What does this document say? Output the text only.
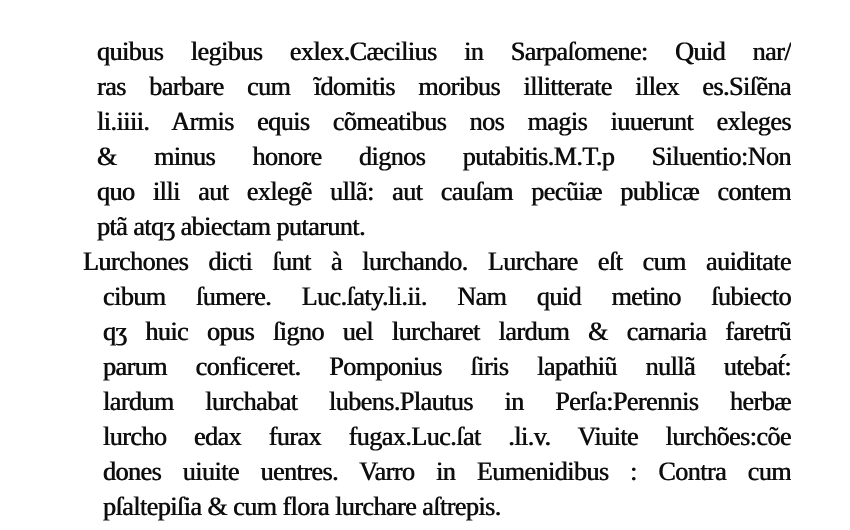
quibus legibus exlex.Cæcilius in Sarpaſomene: Quid nar/
ras barbare cum ĩdomitis moribus illitterate illex es.Siſẽna
li.iiii. Armis equis cõmeatibus nos magis iuuerunt exleges
& minus honore dignos putabitis.M.T.p Siluentio:Non
quo illi aut exlegẽ ullã: aut cauſam pecũiæ publicæ contem
ptã atqʒ abiectam putarunt.
Lurchones dicti ſunt à lurchando. Lurchare eſt cum auiditate
cibum ſumere. Luc.ſaty.li.ii. Nam quid metino ſubiecto
qʒ huic opus ſigno uel lurcharet lardum & carnaria faretrũ
parum conficeret. Pomponius ſiris lapathiũ nullã utebat́:
lardum lurchabat lubens.Plautus in Perſa:Perennis herbæ
lurcho edax furax fugax.Luc.ſat .li.v. Viuite lurchões:cõe
dones uiuite uentres. Varro in Eumenidibus : Contra cum
pſaltepiſia & cum flora lurchare aſtrepis.
